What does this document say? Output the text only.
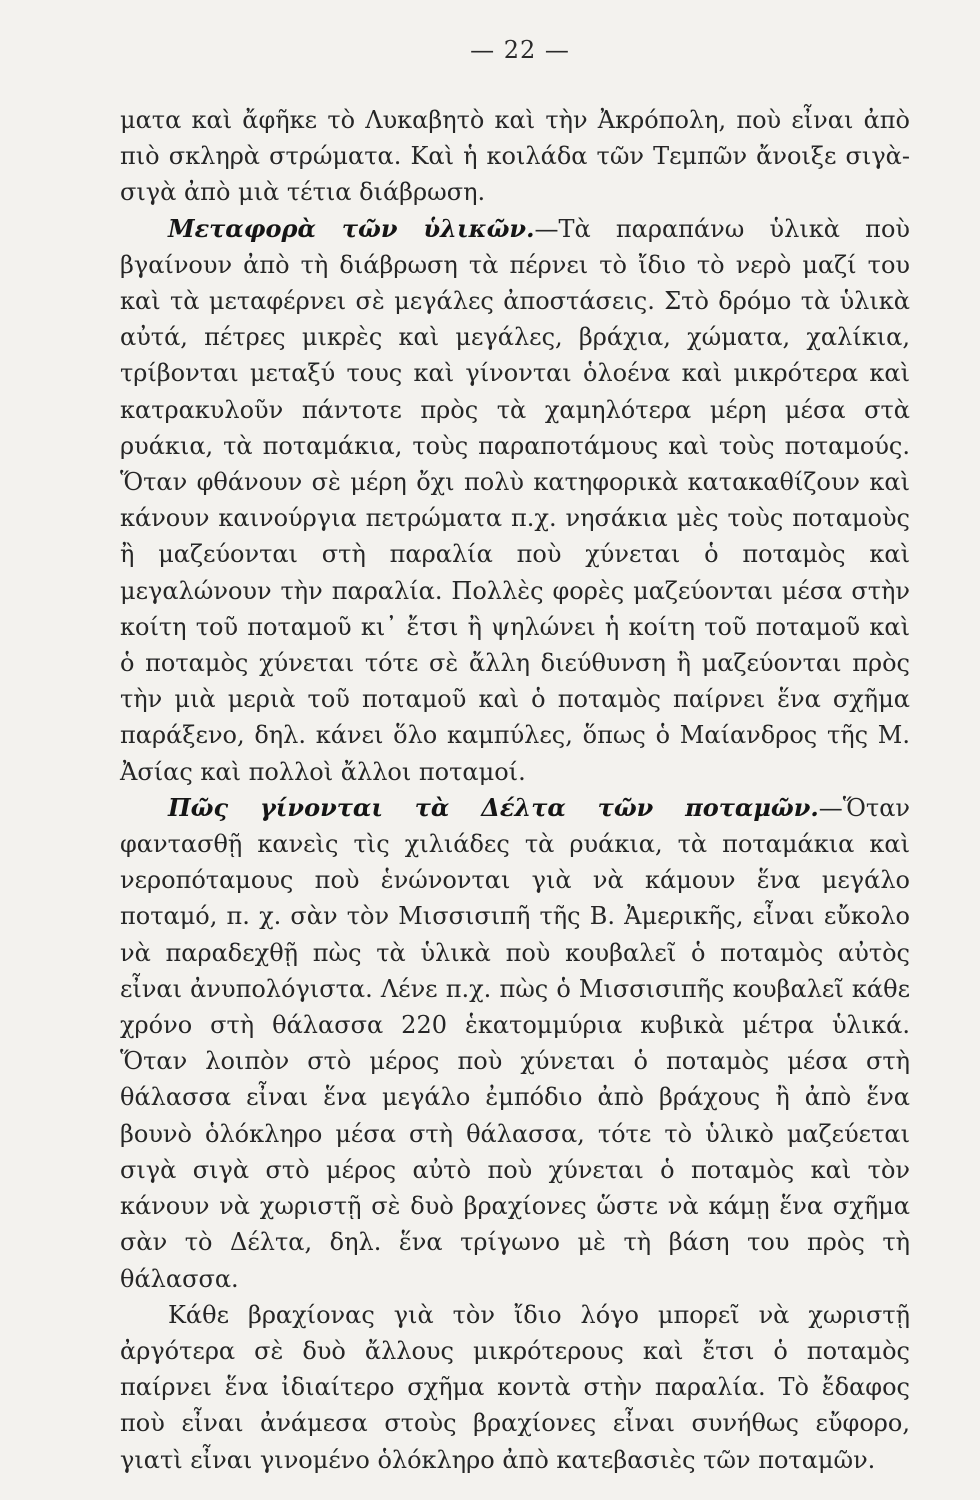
— 22 —

ματα καὶ ἄφῆκε τὸ Λυκαβητὸ καὶ τὴν Ἀκρόπολη, ποὺ εἶναι ἀπὸ πιὸ σκληρὰ στρώματα. Καὶ ἡ κοιλάδα τῶν Τεμπῶν ἄνοιξε σιγὰ-σιγὰ ἀπὸ μιὰ τέτια διάβρωση.

Μεταφορὰ τῶν ὑλικῶν.—Τὰ παραπάνω ὑλικὰ ποὺ βγαίνουν ἀπὸ τὴ διάβρωση τὰ πέρνει τὸ ἴδιο τὸ νερὸ μαζί του καὶ τὰ μεταφέρνει σὲ μεγάλες ἀποστάσεις. Στὸ δρόμο τὰ ὑλικὰ αὐτά, πέτρες μικρὲς καὶ μεγάλες, βράχια, χώματα, χαλίκια, τρίβονται μεταξύ τους καὶ γίνονται ὁλοένα καὶ μικρότερα καὶ κατρακυλοῦν πάντοτε πρὸς τὰ χαμηλότερα μέρη μέσα στὰ ρυάκια, τὰ ποταμάκια, τοὺς παραποτάμους καὶ τοὺς ποταμούς. Ὅταν φθάνουν σὲ μέρη ὄχι πολὺ κατηφορικὰ κατακαθίζουν καὶ κάνουν καινούργια πετρώματα π.χ. νησάκια μὲς τοὺς ποταμοὺς ἢ μαζεύονται στὴ παραλία ποὺ χύνεται ὁ ποταμὸς καὶ μεγαλώνουν τὴν παραλία. Πολλὲς φορὲς μαζεύονται μέσα στὴν κοίτη τοῦ ποταμοῦ κι᾿ ἔτσι ἢ ψηλώνει ἡ κοίτη τοῦ ποταμοῦ καὶ ὁ ποταμὸς χύνεται τότε σὲ ἄλλη διεύθυνση ἢ μαζεύονται πρὸς τὴν μιὰ μεριὰ τοῦ ποταμοῦ καὶ ὁ ποταμὸς παίρνει ἕνα σχῆμα παράξενο, δηλ. κάνει ὅλο καμπύλες, ὅπως ὁ Μαίανδρος τῆς Μ. Ἀσίας καὶ πολλοὶ ἄλλοι ποταμοί.

Πῶς γίνονται τὰ Δέλτα τῶν ποταμῶν.—Ὅταν φαντασθῇ κανεὶς τὶς χιλιάδες τὰ ρυάκια, τὰ ποταμάκια καὶ νεροπόταμους ποὺ ἑνώνονται γιὰ νὰ κάμουν ἕνα μεγάλο ποταμό, π. χ. σὰν τὸν Μισσισιπῆ τῆς Β. Ἀμερικῆς, εἶναι εὔκολο νὰ παραδεχθῇ πὼς τὰ ὑλικὰ ποὺ κουβαλεῖ ὁ ποταμὸς αὐτὸς εἶναι ἀνυπολόγιστα. Λένε π.χ. πὼς ὁ Μισσισιπῆς κουβαλεῖ κάθε χρόνο στὴ θάλασσα 220 ἑκατομμύρια κυβικὰ μέτρα ὑλικά. Ὅταν λοιπὸν στὸ μέρος ποὺ χύνεται ὁ ποταμὸς μέσα στὴ θάλασσα εἶναι ἕνα μεγάλο ἐμπόδιο ἀπὸ βράχους ἢ ἀπὸ ἕνα βουνὸ ὁλόκληρο μέσα στὴ θάλασσα, τότε τὸ ὑλικὸ μαζεύεται σιγὰ σιγὰ στὸ μέρος αὐτὸ ποὺ χύνεται ὁ ποταμὸς καὶ τὸν κάνουν νὰ χωριστῇ σὲ δυὸ βραχίονες ὥστε νὰ κάμῃ ἕνα σχῆμα σὰν τὸ Δέλτα, δηλ. ἕνα τρίγωνο μὲ τὴ βάση του πρὸς τὴ θάλασσα.

Κάθε βραχίονας γιὰ τὸν ἴδιο λόγο μπορεῖ νὰ χωριστῇ ἀργότερα σὲ δυὸ ἄλλους μικρότερους καὶ ἔτσι ὁ ποταμὸς παίρνει ἕνα ἰδιαίτερο σχῆμα κοντὰ στὴν παραλία. Τὸ ἔδαφος ποὺ εἶναι ἀνάμεσα στοὺς βραχίονες εἶναι συνήθως εὔφορο, γιατὶ εἶναι γινομένο ὁλόκληρο ἀπὸ κατεβασιὲς τῶν ποταμῶν.
